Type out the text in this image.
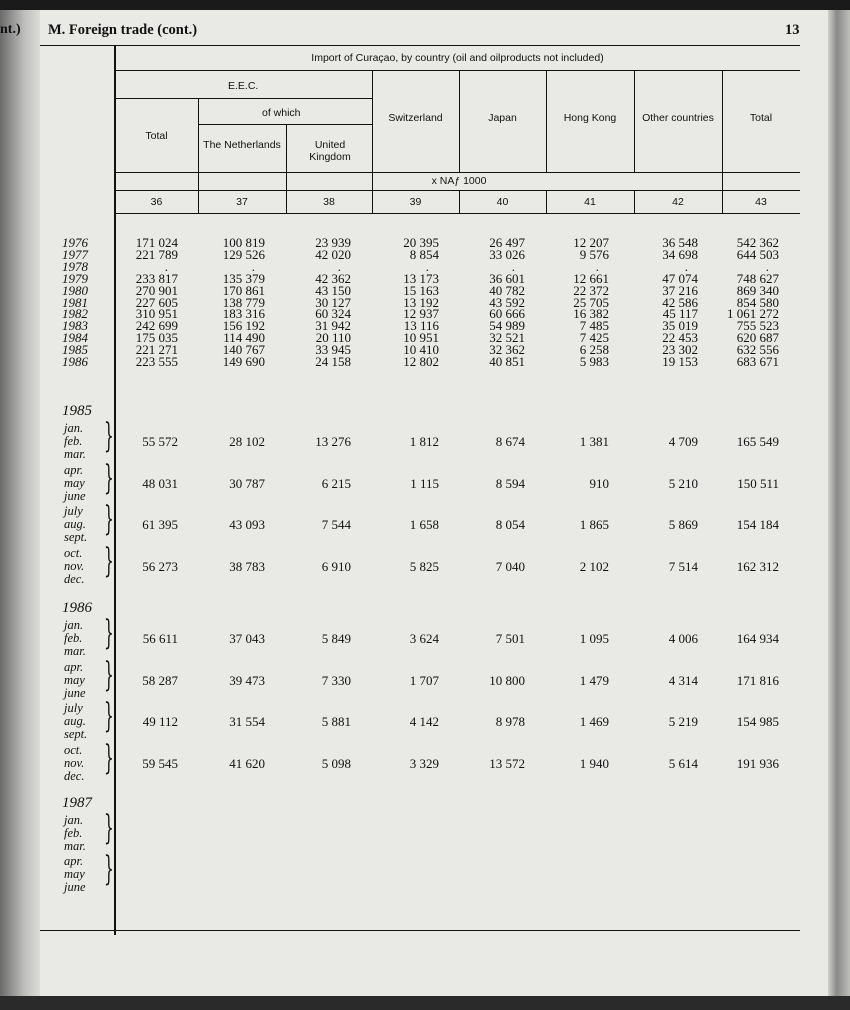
nt.) M. Foreign trade (cont.)	13
Import of Curaçao, by country (oil and oilproducts not included)
E.E.C.
of which
Total
The Netherlands	United Kingdom
Switzerland	Japan	Hong Kong	Other countries	Total
x NAƒ 1000
36	37	38	39	40	41	42	43
1976	171 024	100 819	23 939	20 395	26 497	12 207	36 548	542 362
1977	221 789	129 526	42 020	8 854	33 026	9 576	34 698	644 503
1978	.	.	.	.	.	.	.	.
1979	233 817	135 379	42 362	13 173	36 601	12 661	47 074	748 627
1980	270 901	170 861	43 150	15 163	40 782	22 372	37 216	869 340
1981	227 605	138 779	30 127	13 192	43 592	25 705	42 586	854 580
1982	310 951	183 316	60 324	12 937	60 666	16 382	45 117	1 061 272
1983	242 699	156 192	31 942	13 116	54 989	7 485	35 019	755 523
1984	175 035	114 490	20 110	10 951	32 521	7 425	22 453	620 687
1985	221 271	140 767	33 945	10 410	32 362	6 258	23 302	632 556
1986	223 555	149 690	24 158	12 802	40 851	5 983	19 153	683 671
1985
jan.
feb.
mar. }	55 572	28 102	13 276	1 812	8 674	1 381	4 709	165 549
apr.
may
june }	48 031	30 787	6 215	1 115	8 594	910	5 210	150 511
july
aug.
sept. }	61 395	43 093	7 544	1 658	8 054	1 865	5 869	154 184
oct.
nov.
dec. }	56 273	38 783	6 910	5 825	7 040	2 102	7 514	162 312
1986
jan.
feb.
mar. }	56 611	37 043	5 849	3 624	7 501	1 095	4 006	164 934
apr.
may
june }	58 287	39 473	7 330	1 707	10 800	1 479	4 314	171 816
july
aug.
sept. }	49 112	31 554	5 881	4 142	8 978	1 469	5 219	154 985
oct.
nov.
dec. }	59 545	41 620	5 098	3 329	13 572	1 940	5 614	191 936
1987
jan.
feb.
mar. }
apr.
may
june }
